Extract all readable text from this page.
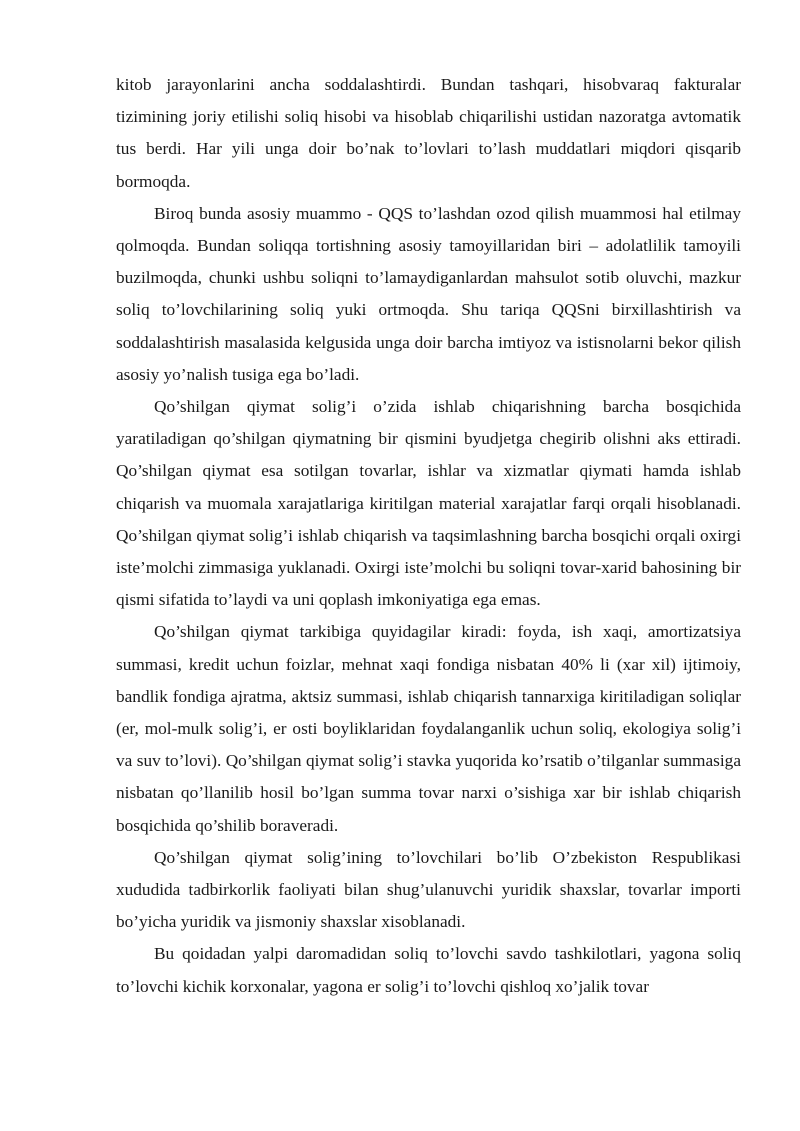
kitob jarayonlarini ancha soddalashtirdi. Bundan tashqari, hisobvaraq fakturalar tizimining joriy etilishi soliq hisobi va hisoblab chiqarilishi ustidan nazoratga avtomatik tus berdi. Har yili unga doir bo’nak to’lovlari to’lash muddatlari miqdori qisqarib bormoqda.

Biroq bunda asosiy muammo - QQS to’lashdan ozod qilish muammosi hal etilmay qolmoqda. Bundan soliqqa tortishning asosiy tamoyillaridan biri – adolatlilik tamoyili buzilmoqda, chunki ushbu soliqni to’lamaydiganlardan mahsulot sotib oluvchi, mazkur soliq to’lovchilarining soliq yuki ortmoqda. Shu tariqa QQSni birxillashtirish va soddalashtirish masalasida kelgusida unga doir barcha imtiyoz va istisnolarni bekor qilish asosiy yo’nalish tusiga ega bo’ladi.

Qo’shilgan qiymat solig’i o’zida ishlab chiqarishning barcha bosqichida yaratiladigan qo’shilgan qiymatning bir qismini byudjetga chegirib olishni aks ettiradi. Qo’shilgan qiymat esa sotilgan tovarlar, ishlar va xizmatlar qiymati hamda ishlab chiqarish va muomala xarajatlariga kiritilgan material xarajatlar farqi orqali hisoblanadi. Qo’shilgan qiymat solig’i ishlab chiqarish va taqsimlashning barcha bosqichi orqali oxirgi iste’molchi zimmasiga yuklanadi. Oxirgi iste’molchi bu soliqni tovar-xarid bahosining bir qismi sifatida to’laydi va uni qoplash imkoniyatiga ega emas.

Qo’shilgan qiymat tarkibiga quyidagilar kiradi: foyda, ish xaqi, amortizatsiya summasi, kredit uchun foizlar, mehnat xaqi fondiga nisbatan 40% li (xar xil) ijtimoiy, bandlik fondiga ajratma, aktsiz summasi, ishlab chiqarish tannarxiga kiritiladigan soliqlar (er, mol-mulk solig’i, er osti boyliklaridan foydalanganlik uchun soliq, ekologiya solig’i va suv to’lovi). Qo’shilgan qiymat solig’i stavka yuqorida ko’rsatib o’tilganlar summasiga nisbatan qo’llanilib hosil bo’lgan summa tovar narxi o’sishiga xar bir ishlab chiqarish bosqichida qo’shilib boraveradi.

Qo’shilgan qiymat solig’ining to’lovchilari bo’lib O’zbekiston Respublikasi xududida tadbirkorlik faoliyati bilan shug’ulanuvchi yuridik shaxslar, tovarlar importi bo’yicha yuridik va jismoniy shaxslar xisoblanadi.

Bu qoidadan yalpi daromadidan soliq to’lovchi savdo tashkilotlari, yagona soliq to’lovchi kichik korxonalar, yagona er solig’i to’lovchi qishloq xo’jalik tovar
